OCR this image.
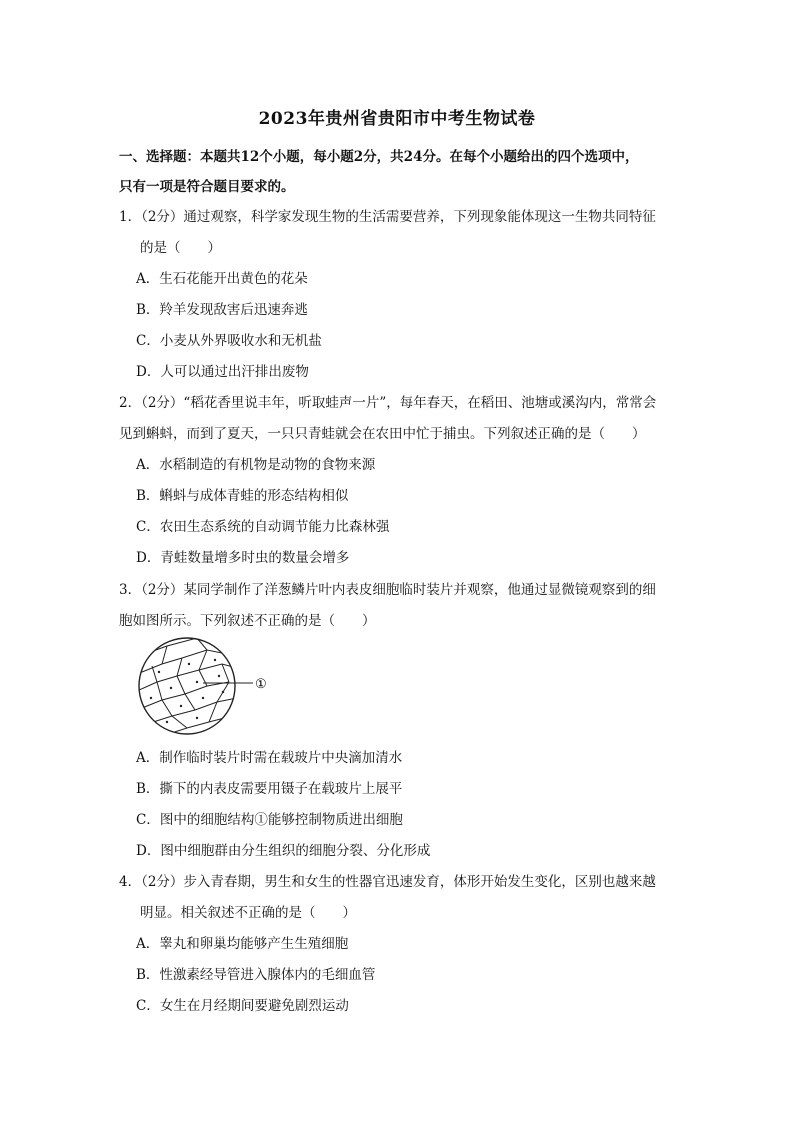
2023年贵州省贵阳市中考生物试卷
一、选择题：本题共12个小题，每小题2分，共24分。在每个小题给出的四个选项中，
只有一项是符合题目要求的。
1．（2分）通过观察，科学家发现生物的生活需要营养，下列现象能体现这一生物共同特征
的是（　　）
A．生石花能开出黄色的花朵
B．羚羊发现敌害后迅速奔逃
C．小麦从外界吸收水和无机盐
D．人可以通过出汗排出废物
2．（2分）“稻花香里说丰年，听取蛙声一片”，每年春天，在稻田、池塘或溪沟内，常常会
见到蝌蚪，而到了夏天，一只只青蛙就会在农田中忙于捕虫。下列叙述正确的是（　　）
A．水稻制造的有机物是动物的食物来源
B．蝌蚪与成体青蛙的形态结构相似
C．农田生态系统的自动调节能力比森林强
D．青蛙数量增多时虫的数量会增多
3．（2分）某同学制作了洋葱鳞片叶内表皮细胞临时装片并观察，他通过显微镜观察到的细
胞如图所示。下列叙述不正确的是（　　）
①
A．制作临时装片时需在载玻片中央滴加清水
B．撕下的内表皮需要用镊子在载玻片上展平
C．图中的细胞结构①能够控制物质进出细胞
D．图中细胞群由分生组织的细胞分裂、分化形成
4．（2分）步入青春期，男生和女生的性器官迅速发育，体形开始发生变化，区别也越来越
明显。相关叙述不正确的是（　　）
A．睾丸和卵巢均能够产生生殖细胞
B．性激素经导管进入腺体内的毛细血管
C．女生在月经期间要避免剧烈运动
